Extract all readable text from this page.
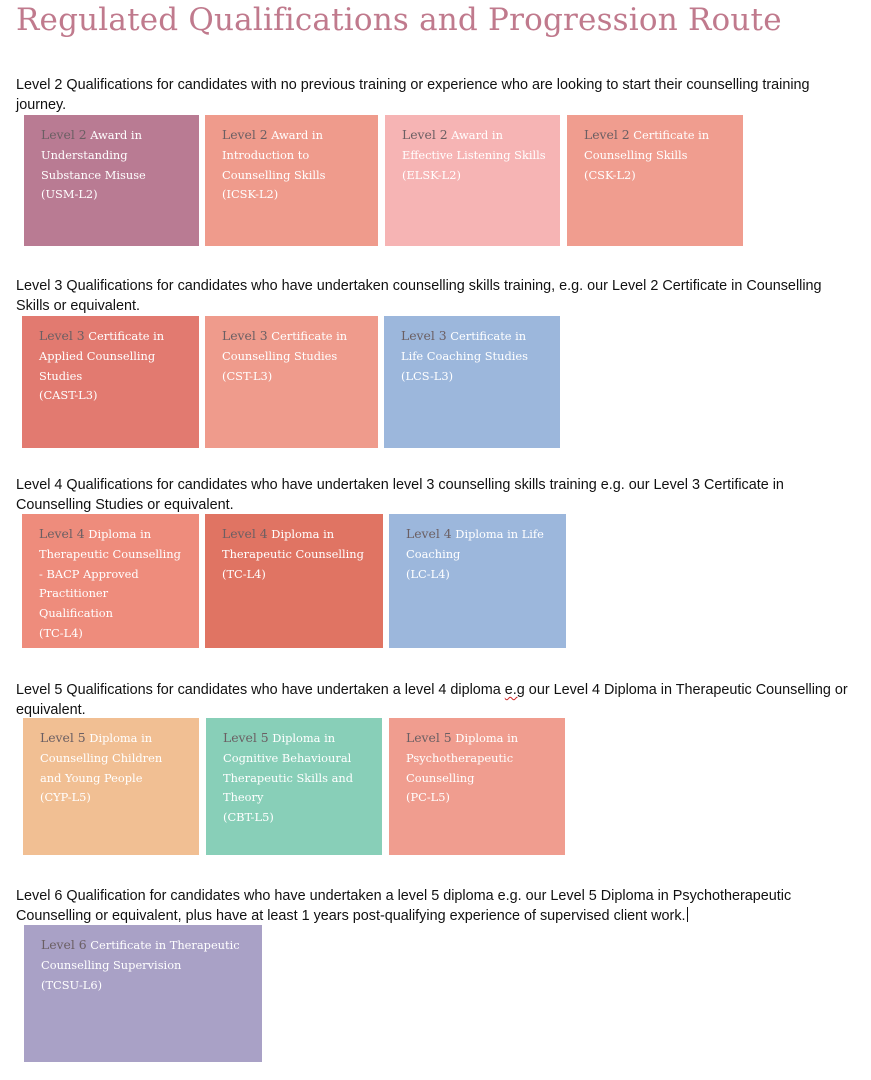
Regulated Qualifications and Progression Route
Level 2 Qualifications for candidates with no previous training or experience who are looking to start their counselling training journey.
Level 2 Award in
Understanding
Substance Misuse
(USM-L2)
Level 2 Award in
Introduction to
Counselling Skills
(ICSK-L2)
Level 2 Award in
Effective Listening Skills
(ELSK-L2)
Level 2 Certificate in
Counselling Skills
(CSK-L2)
Level 3 Qualifications for candidates who have undertaken counselling skills training, e.g. our Level 2 Certificate in Counselling Skills or equivalent.
Level 3 Certificate in
Applied Counselling
Studies
(CAST-L3)
Level 3 Certificate in
Counselling Studies
(CST-L3)
Level 3 Certificate in
Life Coaching Studies
(LCS-L3)
Level 4 Qualifications for candidates who have undertaken level 3 counselling skills training e.g. our Level 3 Certificate in Counselling Studies or equivalent.
Level 4 Diploma in
Therapeutic Counselling
- BACP Approved
Practitioner
Qualification
(TC-L4)
Level 4 Diploma in
Therapeutic Counselling
(TC-L4)
Level 4 Diploma in Life
Coaching
(LC-L4)
Level 5 Qualifications for candidates who have undertaken a level 4 diploma e.g our Level 4 Diploma in Therapeutic Counselling or equivalent.
Level 5 Diploma in
Counselling Children
and Young People
(CYP-L5)
Level 5 Diploma in
Cognitive Behavioural
Therapeutic Skills and
Theory
(CBT-L5)
Level 5 Diploma in
Psychotherapeutic
Counselling
(PC-L5)
Level 6 Qualification for candidates who have undertaken a level 5 diploma e.g. our Level 5 Diploma in Psychotherapeutic Counselling or equivalent, plus have at least 1 years post-qualifying experience of supervised client work.
Level 6 Certificate in Therapeutic
Counselling Supervision
(TCSU-L6)
